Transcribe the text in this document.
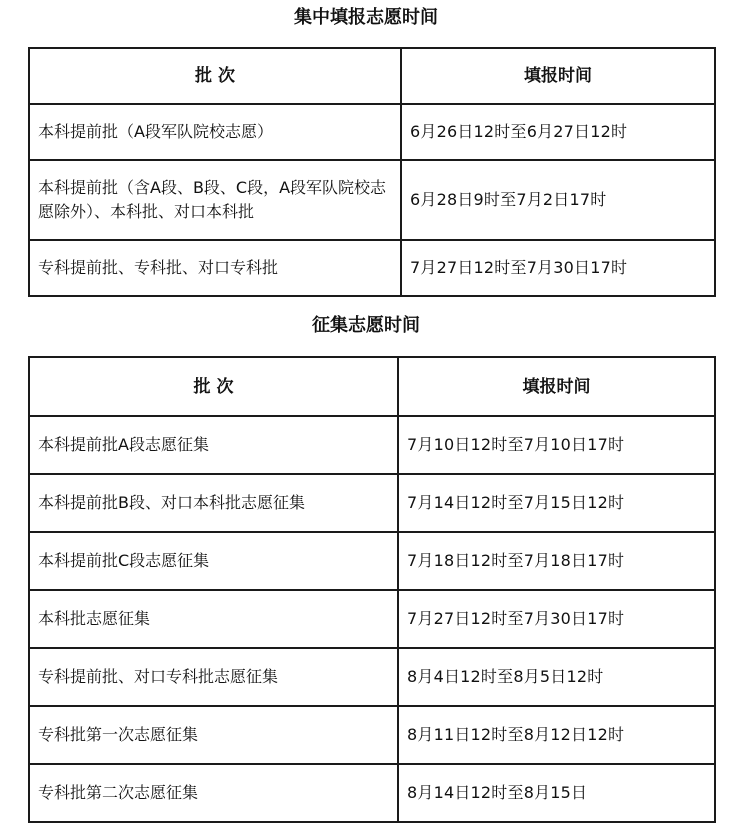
集中填报志愿时间
批 次	填报时间
本科提前批（A段军队院校志愿）	6月26日12时至6月27日12时
本科提前批（含A段、B段、C段，A段军队院校志愿除外）、本科批、对口本科批	6月28日9时至7月2日17时
专科提前批、专科批、对口专科批	7月27日12时至7月30日17时
征集志愿时间
批 次	填报时间
本科提前批A段志愿征集	7月10日12时至7月10日17时
本科提前批B段、对口本科批志愿征集	7月14日12时至7月15日12时
本科提前批C段志愿征集	7月18日12时至7月18日17时
本科批志愿征集	7月27日12时至7月30日17时
专科提前批、对口专科批志愿征集	8月4日12时至8月5日12时
专科批第一次志愿征集	8月11日12时至8月12日12时
专科批第二次志愿征集	8月14日12时至8月15日
